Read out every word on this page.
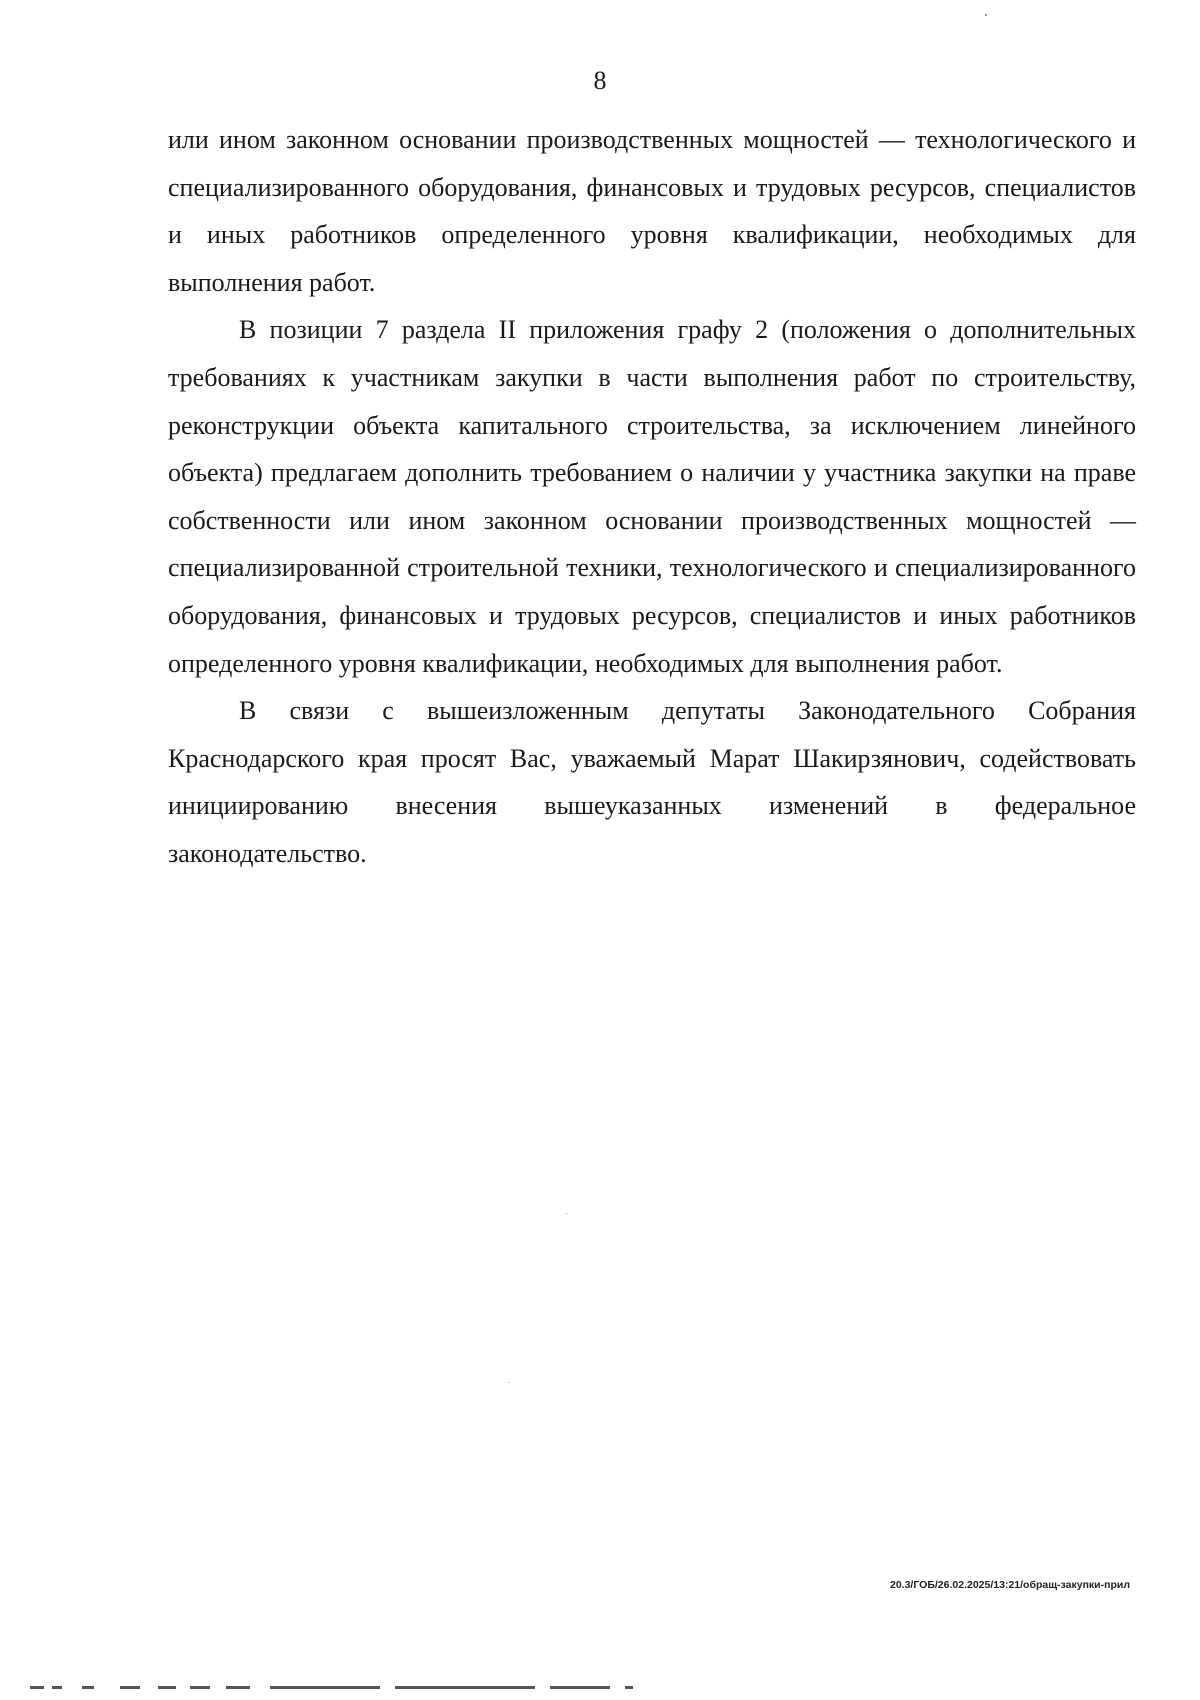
8

или ином законном основании производственных мощностей — технологического и специализированного оборудования, финансовых и трудовых ресурсов, специалистов и иных работников определенного уровня квалификации, необходимых для выполнения работ.

В позиции 7 раздела II приложения графу 2 (положения о дополнительных требованиях к участникам закупки в части выполнения работ по строительству, реконструкции объекта капитального строительства, за исключением линейного объекта) предлагаем дополнить требованием о наличии у участника закупки на праве собственности или ином законном основании производственных мощностей — специализированной строительной техники, технологического и специализированного оборудования, финансовых и трудовых ресурсов, специалистов и иных работников определенного уровня квалификации, необходимых для выполнения работ.

В связи с вышеизложенным депутаты Законодательного Собрания Краснодарского края просят Вас, уважаемый Марат Шакирзянович, содействовать инициированию внесения вышеуказанных изменений в федеральное законодательство.

20.3/ГОБ/26.02.2025/13:21/обращ-закупки-прил
